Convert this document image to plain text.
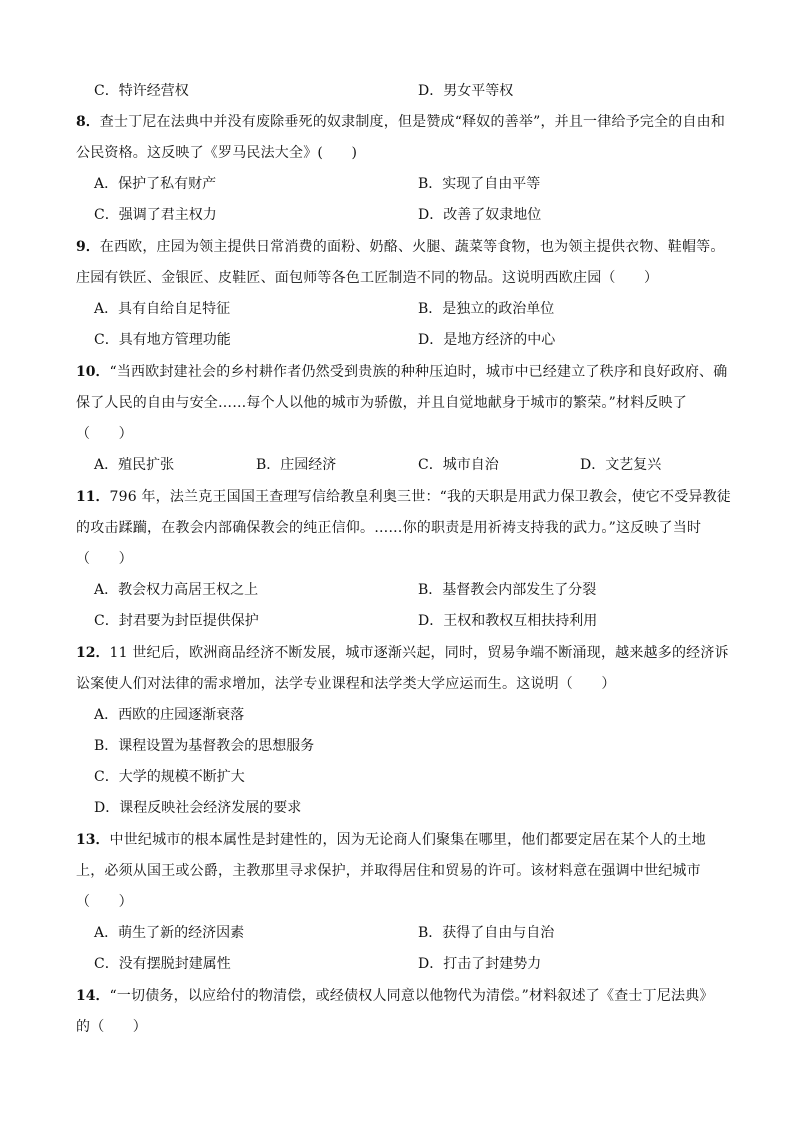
C．特许经营权	D．男女平等权
8．查士丁尼在法典中并没有废除垂死的奴隶制度，但是赞成“释奴的善举”，并且一律给予完全的自由和
公民资格。这反映了《罗马民法大全》(　　)
A．保护了私有财产	B．实现了自由平等
C．强调了君主权力	D．改善了奴隶地位
9．在西欧，庄园为领主提供日常消费的面粉、奶酪、火腿、蔬菜等食物，也为领主提供衣物、鞋帽等。
庄园有铁匠、金银匠、皮鞋匠、面包师等各色工匠制造不同的物品。这说明西欧庄园（　　）
A．具有自给自足特征	B．是独立的政治单位
C．具有地方管理功能	D．是地方经济的中心
10．“当西欧封建社会的乡村耕作者仍然受到贵族的种种压迫时，城市中已经建立了秩序和良好政府、确
保了人民的自由与安全……每个人以他的城市为骄傲，并且自觉地献身于城市的繁荣。”材料反映了
（　　）
A．殖民扩张	B．庄园经济	C．城市自治	D．文艺复兴
11．796 年，法兰克王国国王查理写信给教皇利奥三世：“我的天职是用武力保卫教会，使它不受异教徒
的攻击蹂躏，在教会内部确保教会的纯正信仰。……你的职责是用祈祷支持我的武力。”这反映了当时
（　　）
A．教会权力高居王权之上	B．基督教会内部发生了分裂
C．封君要为封臣提供保护	D．王权和教权互相扶持利用
12．11 世纪后，欧洲商品经济不断发展，城市逐渐兴起，同时，贸易争端不断涌现，越来越多的经济诉
讼案使人们对法律的需求增加，法学专业课程和法学类大学应运而生。这说明（　　）
A．西欧的庄园逐渐衰落
B．课程设置为基督教会的思想服务
C．大学的规模不断扩大
D．课程反映社会经济发展的要求
13．中世纪城市的根本属性是封建性的，因为无论商人们聚集在哪里，他们都要定居在某个人的土地
上，必须从国王或公爵，主教那里寻求保护，并取得居住和贸易的许可。该材料意在强调中世纪城市
（　　）
A．萌生了新的经济因素	B．获得了自由与自治
C．没有摆脱封建属性	D．打击了封建势力
14．“一切债务，以应给付的物清偿，或经债权人同意以他物代为清偿。”材料叙述了《查士丁尼法典》
的（　　）
